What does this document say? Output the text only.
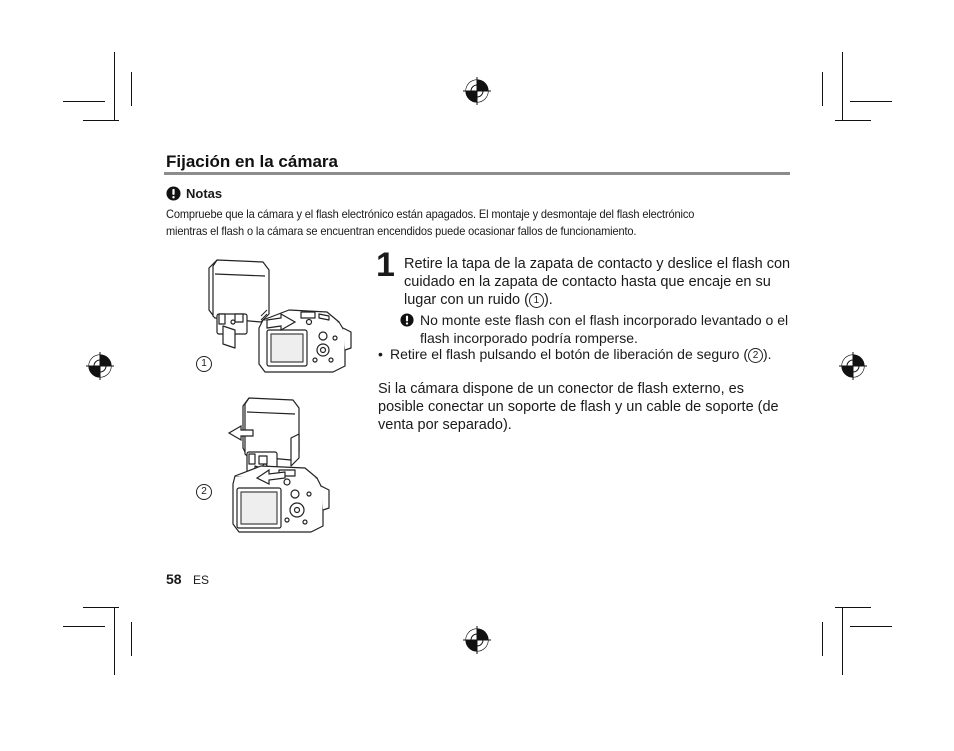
Fijación en la cámara
Notas
Compruebe que la cámara y el flash electrónico están apagados. El montaje y desmontaje del flash electrónico
mientras el flash o la cámara se encuentran encendidos puede ocasionar fallos de funcionamiento.
1
2
1 Retire la tapa de la zapata de contacto y deslice el flash con cuidado en la zapata de contacto hasta que encaje en su lugar con un ruido ( 1 ).
No monte este flash con el flash incorporado levantado o el flash incorporado podría romperse.
• Retire el flash pulsando el botón de liberación de seguro ( 2 ).
Si la cámara dispone de un conector de flash externo, es posible conectar un soporte de flash y un cable de soporte (de venta por separado).
58 ES
